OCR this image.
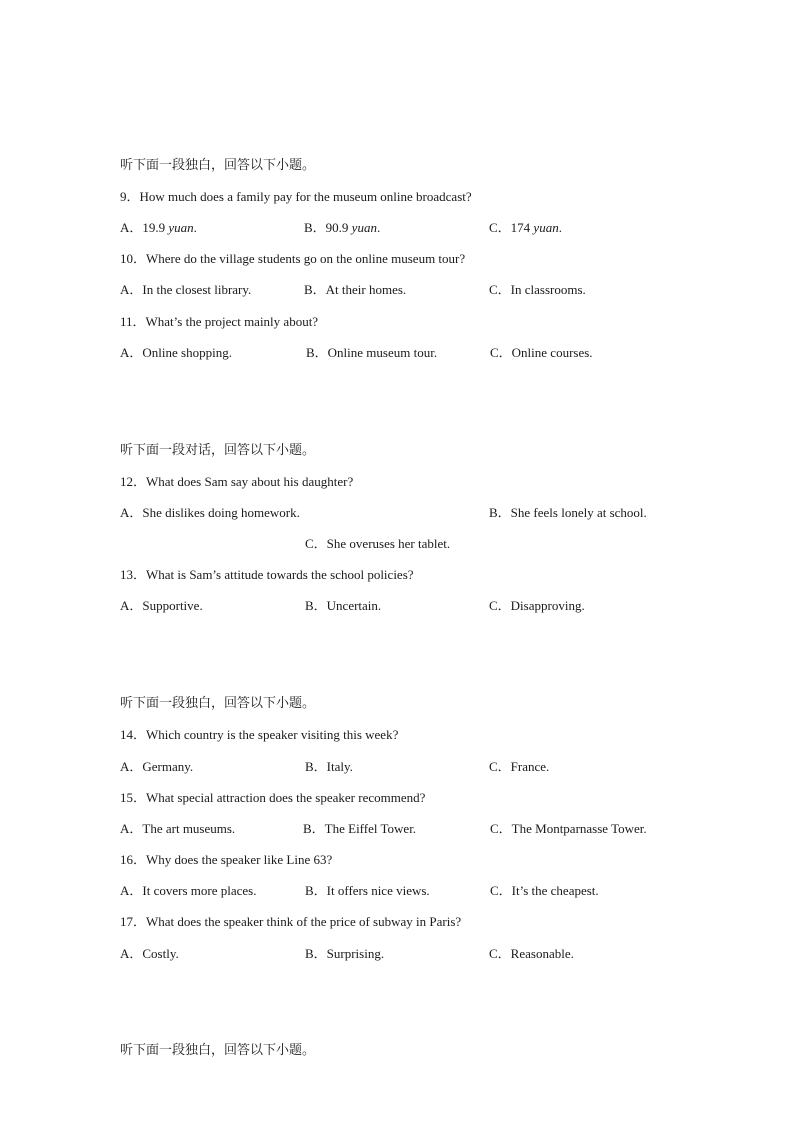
听下面一段独白，回答以下小题。
9．How much does a family pay for the museum online broadcast?
A．19.9 yuan.	B．90.9 yuan.	C．174 yuan.
10．Where do the village students go on the online museum tour?
A．In the closest library.	B．At their homes.	C．In classrooms.
11．What’s the project mainly about?
A．Online shopping.	B．Online museum tour.	C．Online courses.
听下面一段对话，回答以下小题。
12．What does Sam say about his daughter?
A．She dislikes doing homework.	B．She feels lonely at school.
C．She overuses her tablet.
13．What is Sam’s attitude towards the school policies?
A．Supportive.	B．Uncertain.	C．Disapproving.
听下面一段独白，回答以下小题。
14．Which country is the speaker visiting this week?
A．Germany.	B．Italy.	C．France.
15．What special attraction does the speaker recommend?
A．The art museums.	B．The Eiffel Tower.	C．The Montparnasse Tower.
16．Why does the speaker like Line 63?
A．It covers more places.	B．It offers nice views.	C．It’s the cheapest.
17．What does the speaker think of the price of subway in Paris?
A．Costly.	B．Surprising.	C．Reasonable.
听下面一段独白，回答以下小题。
